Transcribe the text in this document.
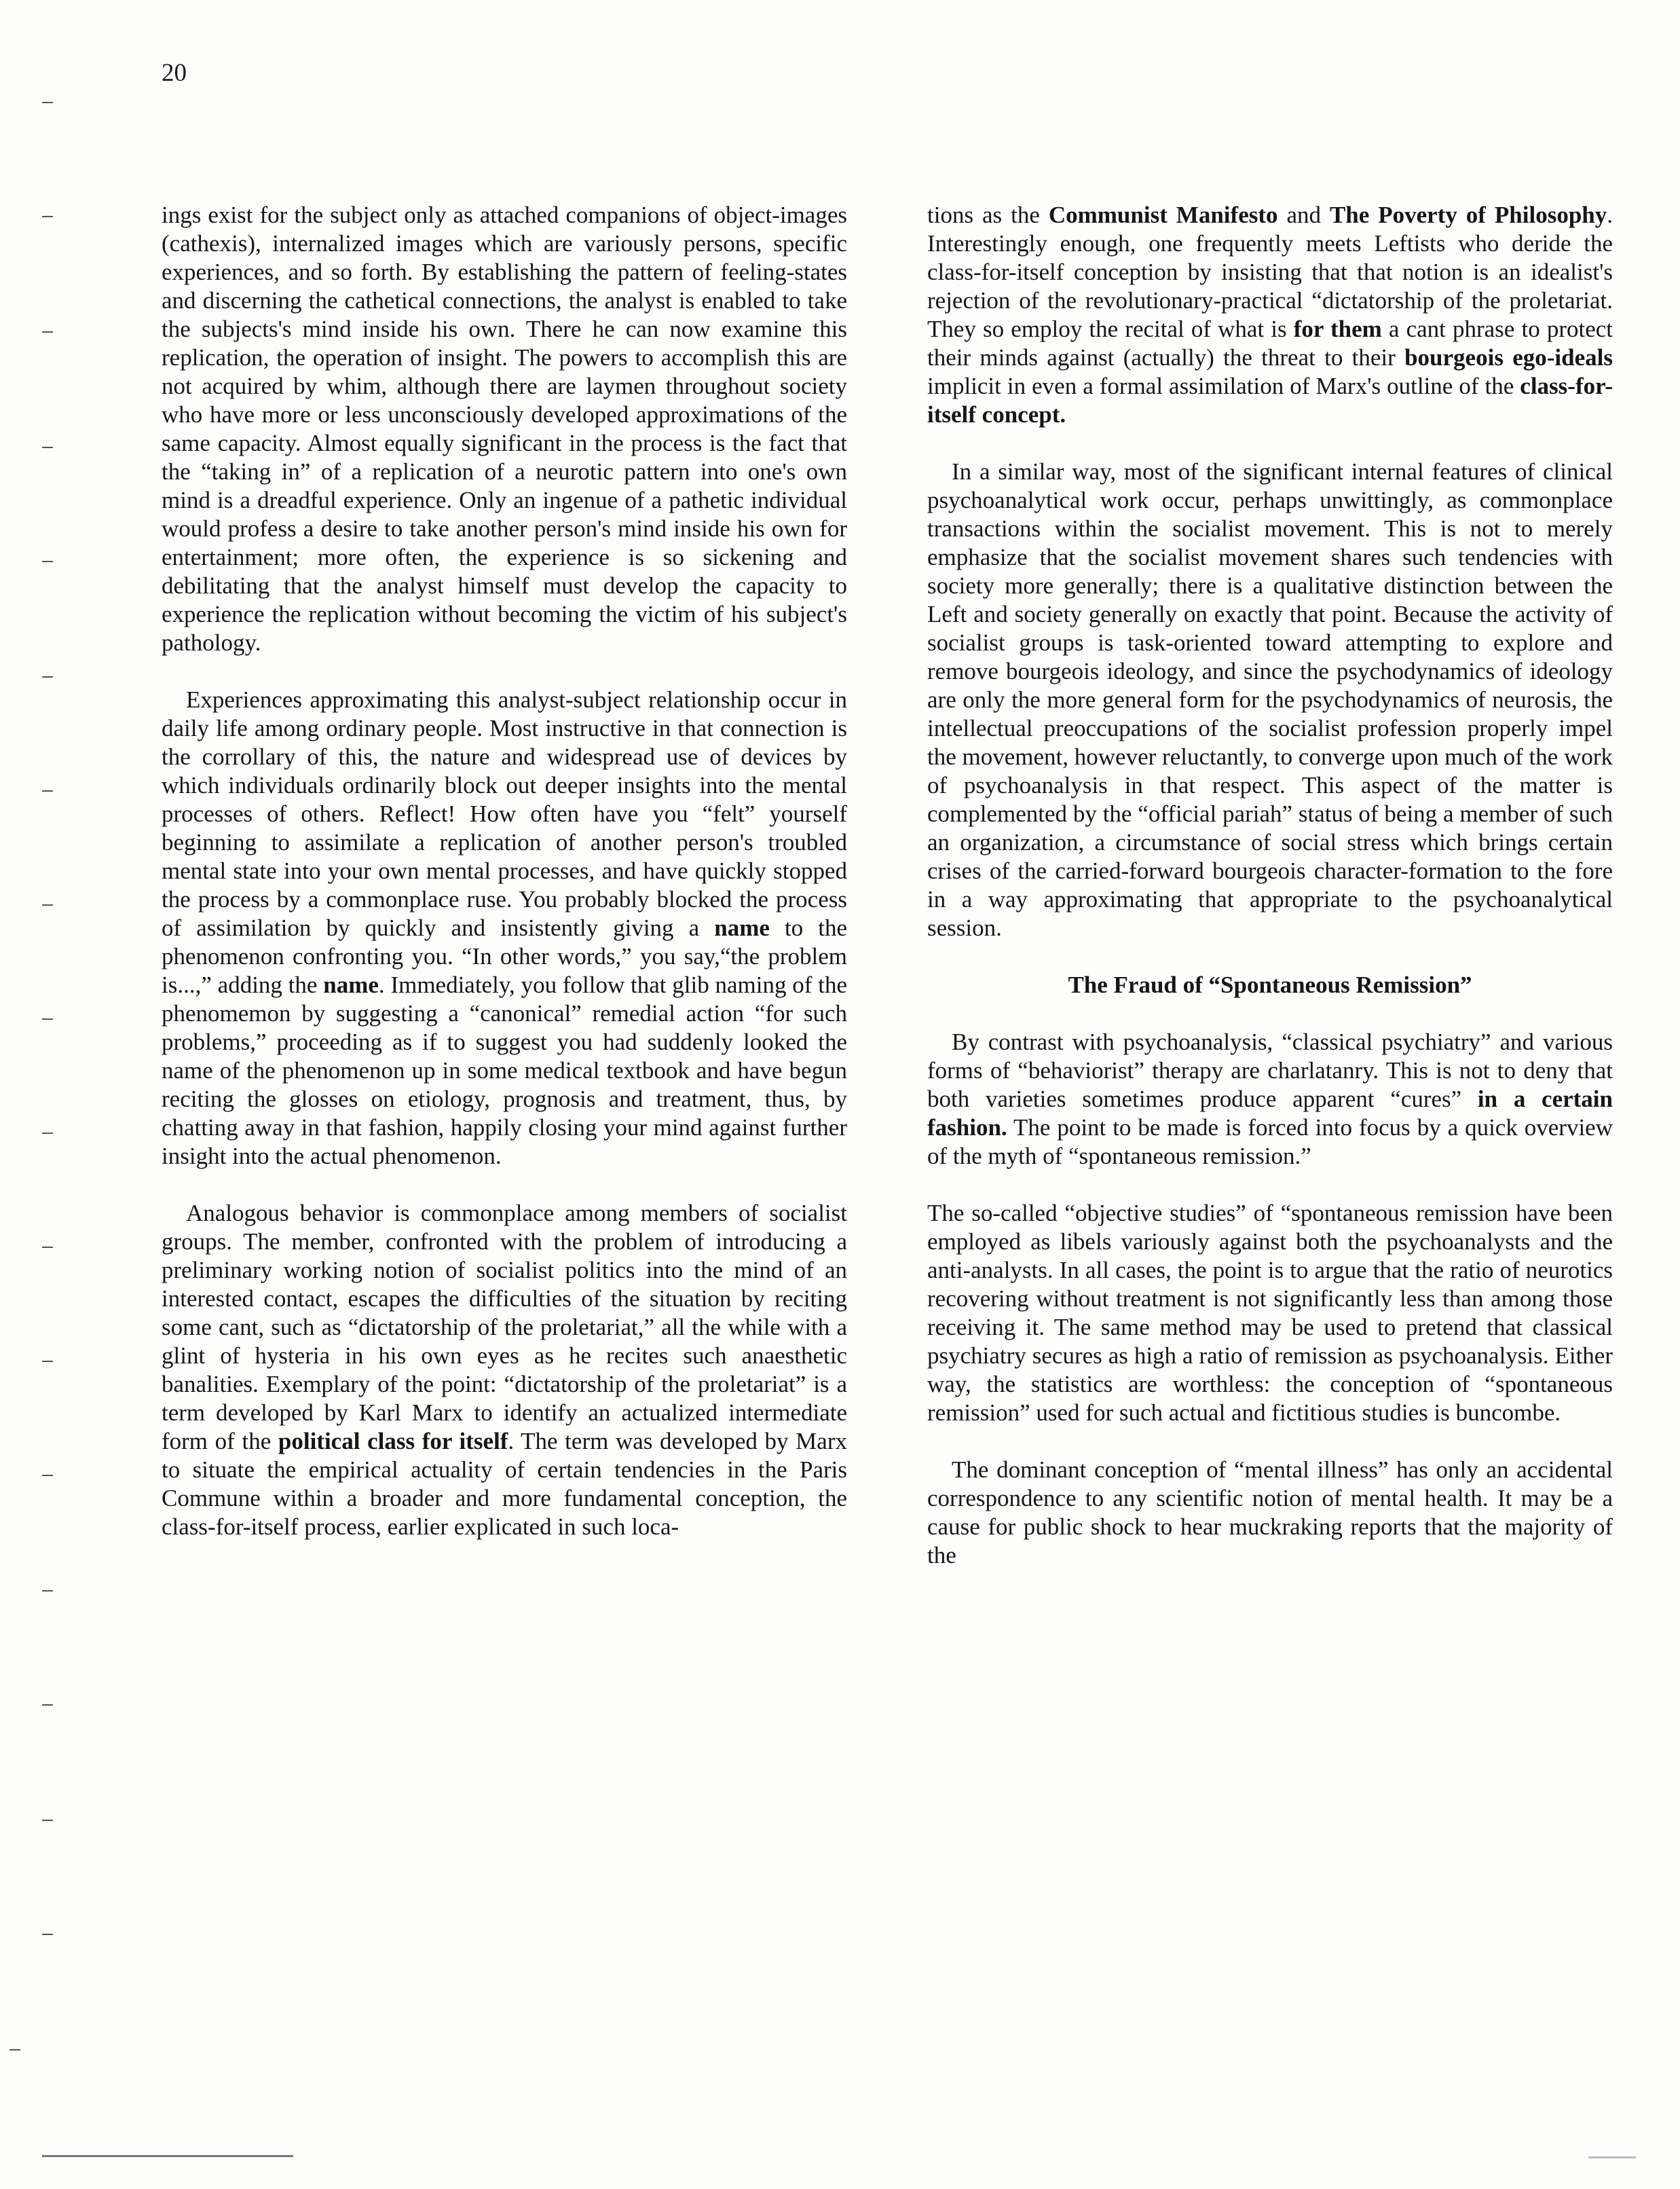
20

ings exist for the subject only as attached companions of object-images (cathexis), internalized images which are variously persons, specific experiences, and so forth. By establishing the pattern of feeling-states and discerning the cathetical connections, the analyst is enabled to take the subjects's mind inside his own. There he can now examine this replication, the operation of insight. The powers to accomplish this are not acquired by whim, although there are laymen throughout society who have more or less unconsciously developed approximations of the same capacity. Almost equally significant in the process is the fact that the “taking in” of a replication of a neurotic pattern into one's own mind is a dreadful experience. Only an ingenue of a pathetic individual would profess a desire to take another person's mind inside his own for entertainment; more often, the experience is so sickening and debilitating that the analyst himself must develop the capacity to experience the replication without becoming the victim of his subject's pathology.

Experiences approximating this analyst-subject relationship occur in daily life among ordinary people. Most instructive in that connection is the corrollary of this, the nature and widespread use of devices by which individuals ordinarily block out deeper insights into the mental processes of others. Reflect! How often have you “felt” yourself beginning to assimilate a replication of another person's troubled mental state into your own mental processes, and have quickly stopped the process by a commonplace ruse. You probably blocked the process of assimilation by quickly and insistently giving a name to the phenomenon confronting you. “In other words,” you say,“the problem is...,” adding the name. Immediately, you follow that glib naming of the phenomemon by suggesting a “canonical” remedial action “for such problems,” proceeding as if to suggest you had suddenly looked the name of the phenomenon up in some medical textbook and have begun reciting the glosses on etiology, prognosis and treatment, thus, by chatting away in that fashion, happily closing your mind against further insight into the actual phenomenon.

Analogous behavior is commonplace among members of socialist groups. The member, confronted with the problem of introducing a preliminary working notion of socialist politics into the mind of an interested contact, escapes the difficulties of the situation by reciting some cant, such as “dictatorship of the proletariat,” all the while with a glint of hysteria in his own eyes as he recites such anaesthetic banalities. Exemplary of the point: “dictatorship of the proletariat” is a term developed by Karl Marx to identify an actualized intermediate form of the political class for itself. The term was developed by Marx to situate the empirical actuality of certain tendencies in the Paris Commune within a broader and more fundamental conception, the class-for-itself process, earlier explicated in such loca-

tions as the Communist Manifesto and The Poverty of Philosophy. Interestingly enough, one frequently meets Leftists who deride the class-for-itself conception by insisting that that notion is an idealist's rejection of the revolutionary-practical “dictatorship of the proletariat. They so employ the recital of what is for them a cant phrase to protect their minds against (actually) the threat to their bourgeois ego-ideals implicit in even a formal assimilation of Marx's outline of the class-for-itself concept.

In a similar way, most of the significant internal features of clinical psychoanalytical work occur, perhaps unwittingly, as commonplace transactions within the socialist movement. This is not to merely emphasize that the socialist movement shares such tendencies with society more generally; there is a qualitative distinction between the Left and society generally on exactly that point. Because the activity of socialist groups is task-oriented toward attempting to explore and remove bourgeois ideology, and since the psychodynamics of ideology are only the more general form for the psychodynamics of neurosis, the intellectual preoccupations of the socialist profession properly impel the movement, however reluctantly, to converge upon much of the work of psychoanalysis in that respect. This aspect of the matter is complemented by the “official pariah” status of being a member of such an organization, a circumstance of social stress which brings certain crises of the carried-forward bourgeois character-formation to the fore in a way approximating that appropriate to the psychoanalytical session.

The Fraud of “Spontaneous Remission”

By contrast with psychoanalysis, “classical psychiatry” and various forms of “behaviorist” therapy are charlatanry. This is not to deny that both varieties sometimes produce apparent “cures” in a certain fashion. The point to be made is forced into focus by a quick overview of the myth of “spontaneous remission.”

The so-called “objective studies” of “spontaneous remission have been employed as libels variously against both the psychoanalysts and the anti-analysts. In all cases, the point is to argue that the ratio of neurotics recovering without treatment is not significantly less than among those receiving it. The same method may be used to pretend that classical psychiatry secures as high a ratio of remission as psychoanalysis. Either way, the statistics are worthless: the conception of “spontaneous remission” used for such actual and fictitious studies is buncombe.

The dominant conception of “mental illness” has only an accidental correspondence to any scientific notion of mental health. It may be a cause for public shock to hear muckraking reports that the majority of the
